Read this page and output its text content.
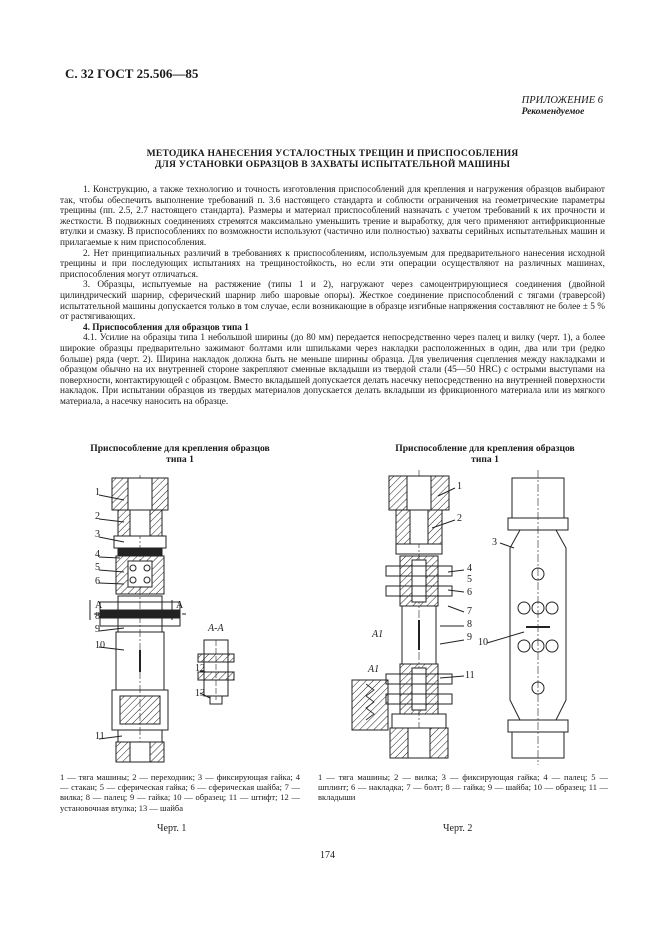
С. 32 ГОСТ 25.506—85
ПРИЛОЖЕНИЕ 6
Рекомендуемое
МЕТОДИКА НАНЕСЕНИЯ УСТАЛОСТНЫХ ТРЕЩИН И ПРИСПОСОБЛЕНИЯ
ДЛЯ УСТАНОВКИ ОБРАЗЦОВ В ЗАХВАТЫ ИСПЫТАТЕЛЬНОЙ МАШИНЫ

1. Конструкцию, а также технологию и точность изготовления приспособлений для крепления и нагружения образцов выбирают так, чтобы обеспечить выполнение требований п. 3.6 настоящего стандарта и соблюсти ограничения на геометрические параметры трещины (пп. 2.5, 2.7 настоящего стандарта). Размеры и материал приспособлений назначать с учетом требований к их прочности и жесткости. В подвижных соединениях стремятся максимально уменьшить трение и выработку, для чего применяют антифрикционные втулки и смазку. В приспособлениях по возможности используют (частично или полностью) захваты серийных испытательных машин и прилагаемые к ним приспособления.

2. Нет принципиальных различий в требованиях к приспособлениям, используемым для предварительного нанесения исходной трещины и при последующих испытаниях на трещиностойкость, но если эти операции осуществляют на различных машинах, приспособления могут отличаться.

3. Образцы, испытуемые на растяжение (типы 1 и 2), нагружают через самоцентрирующиеся соединения (двойной цилиндрический шарнир, сферический шарнир либо шаровые опоры). Жесткое соединение приспособлений с тягами (траверсой) испытательной машины допускается только в том случае, если возникающие в образце изгибные напряжения составляют не более ± 5 % от растягивающих.

4. Приспособления для образцов типа 1

4.1. Усилие на образцы типа 1 небольшой ширины (до 80 мм) передается непосредственно через палец и вилку (черт. 1), а более широкие образцы предварительно зажимают болтами или шпильками через накладки расположенных в один, два или три (редко больше) ряда (черт. 2). Ширина накладок должна быть не меньше ширины образца. Для увеличения сцепления между накладками и образцом обычно на их внутренней стороне закрепляют сменные вкладыши из твердой стали (45—50 HRC) с острыми выступами на поверхности, контактирующей с образцом. Вместо вкладышей допускается делать насечку непосредственно на внутренней поверхности накладок. При испытании образцов из твердых материалов допускается делать вкладыши из фрикционного материала или из мягкого материала, а насечку наносить на образце.

Приспособление для крепления образцов
типа 1
Приспособление для крепления образцов
типа 1
1
2
3
4
5
6
А	А
8
9
10
11
А-А
12
13
1
2
3
4
5
6
7
8
9 10
11
А1
А1
1 — тяга машины; 2 — переходник; 3 — фиксирующая гайка; 4 — стакан; 5 — сферическая гайка; 6 — сферическая шайба; 7 — вилка; 8 — палец; 9 — гайка; 10 — образец; 11 — штифт; 12 — установочная втулка; 13 — шайба
1 — тяга машины; 2 — вилка; 3 — фиксирующая гайка; 4 — палец; 5 — шплинт; 6 — накладка; 7 — болт; 8 — гайка; 9 — шайба; 10 — образец; 11 — вкладыши
Черт. 1	Черт. 2
174
